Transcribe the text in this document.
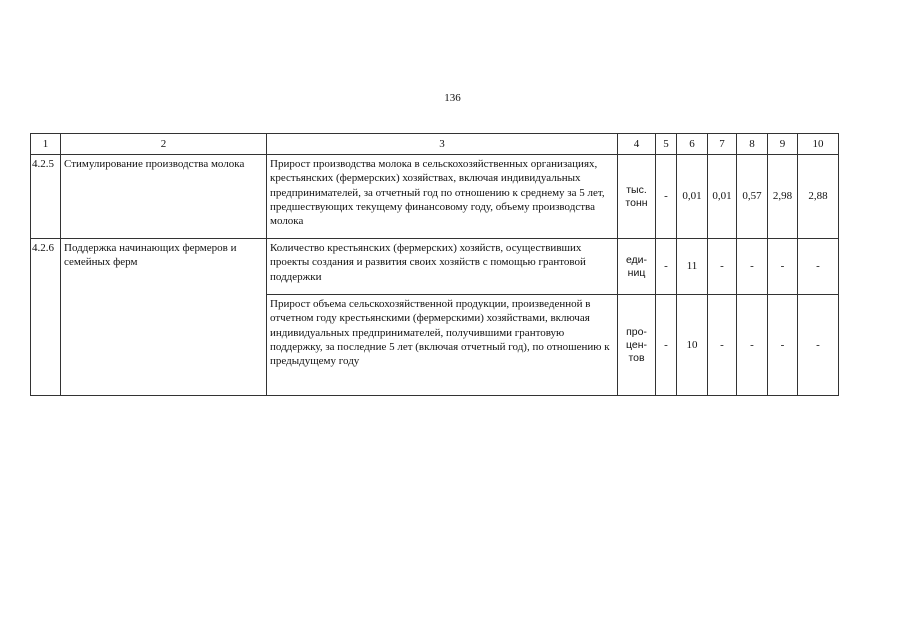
136
1	2	3	4	5	6	7	8	9	10
4.2.5	Стимулирование производства молока	Прирост производства молока в сельскохозяйственных организациях, крестьянских (фермерских) хозяйствах, включая индивидуальных предпринимателей, за отчетный год по отношению к среднему за 5 лет, предшествующих текущему финансовому году, объему производства молока	тыс. тонн	-	0,01	0,01	0,57	2,98	2,88
4.2.6	Поддержка начинающих фермеров и семейных ферм	Количество крестьянских (фермерских) хозяйств, осуществивших проекты создания и развития своих хозяйств с помощью грантовой поддержки	еди-ниц	-	11	-	-	-	-
		Прирост объема сельскохозяйственной продукции, произведенной в отчетном году крестьянскими (фермерскими) хозяйствами, включая индивидуальных предпринимателей, получившими грантовую поддержку, за последние 5 лет (включая отчетный год), по отношению к предыдущему году	про-цен-тов	-	10	-	-	-	-
